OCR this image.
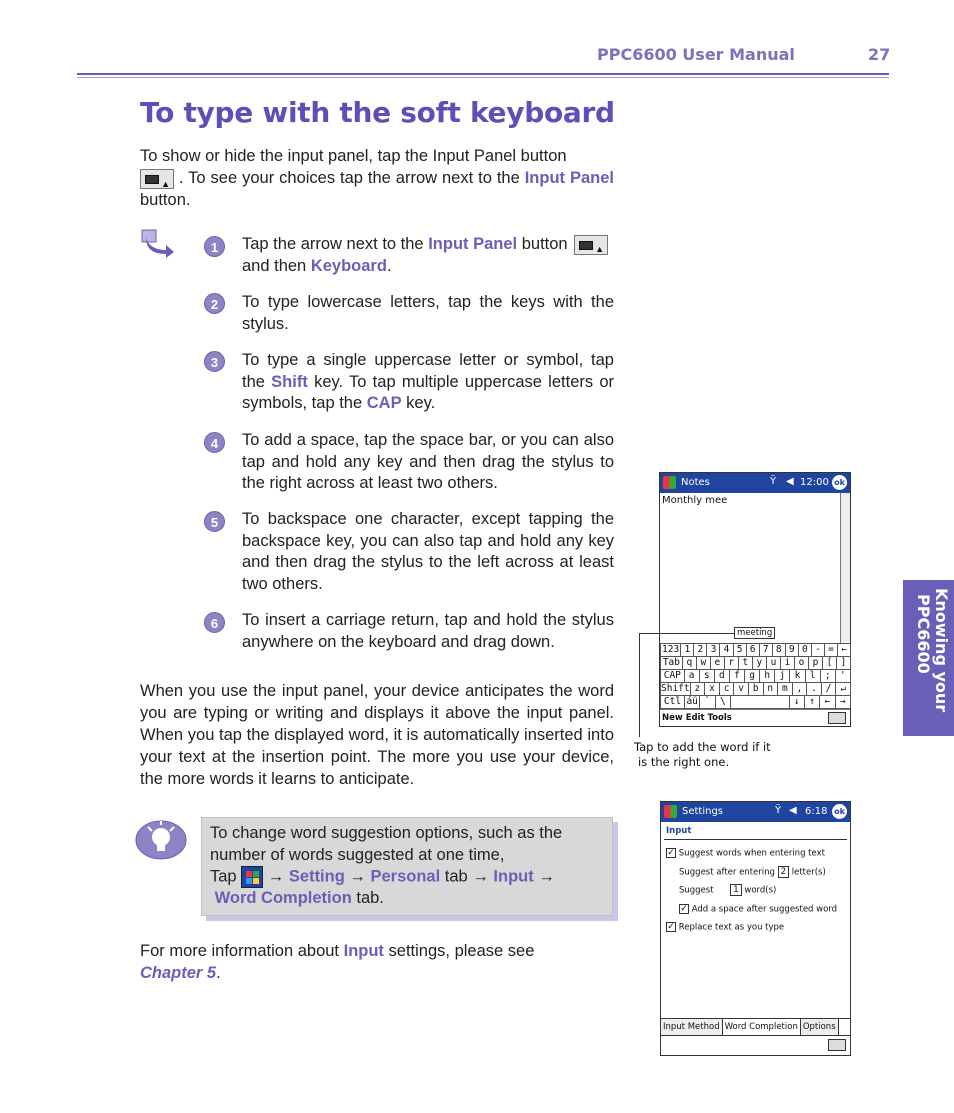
PPC6600 User Manual	27
To type with the soft keyboard
To show or hide the input panel, tap the Input Panel button

▲ . To see your choices tap the arrow next to the Input Panel button.
1	Tap the arrow next to the Input Panel button	▲

and then Keyboard.
2	To type lowercase letters, tap the keys with the stylus.
3	To type a single uppercase letter or symbol, tap the Shift key. To tap multiple uppercase letters or symbols, tap the CAP key.
4	To add a space, tap the space bar, or you can also tap and hold any key and then drag the stylus to the right across at least two others.
5	To backspace one character, except tapping the backspace key, you can also tap and hold any key and then drag the stylus to the left across at least two others.
6	To insert a carriage return, tap and hold the stylus anywhere on the keyboard and drag down.
When you use the input panel, your device anticipates the word you are typing or writing and displays it above the input panel. When you tap the displayed word, it is automatically inserted into your text at the insertion point. The more you use your device, the more words it learns to anticipate.
To change word suggestion options, such as the number of words suggested at one time,
Tap → Setting → Personal tab → Input →
Word Completion tab.
For more information about Input settings, please see
Chapter 5.
Knowing your
PPC6600
Notes	Ÿ ◀ 12:00 ok
Monthly mee
meeting
123 1 2 3 4 5 6 7 8 9 0 - = ←
Tab q w e r t y u i o p [ ]
CAP a s d f g h j k l ; '
Shift z x c v b n m , . / ↵
Ctl áü `	\	↓	↑	←	→
New Edit Tools
Tap to add the word if it
is the right one.
Settings	Ÿ ◀ 6:18 ok
Input
✓ Suggest words when entering text
Suggest after entering 2 letter(s)
Suggest 1 word(s)
✓ Add a space after suggested word
✓ Replace text as you type
Input Method Word Completion Options
